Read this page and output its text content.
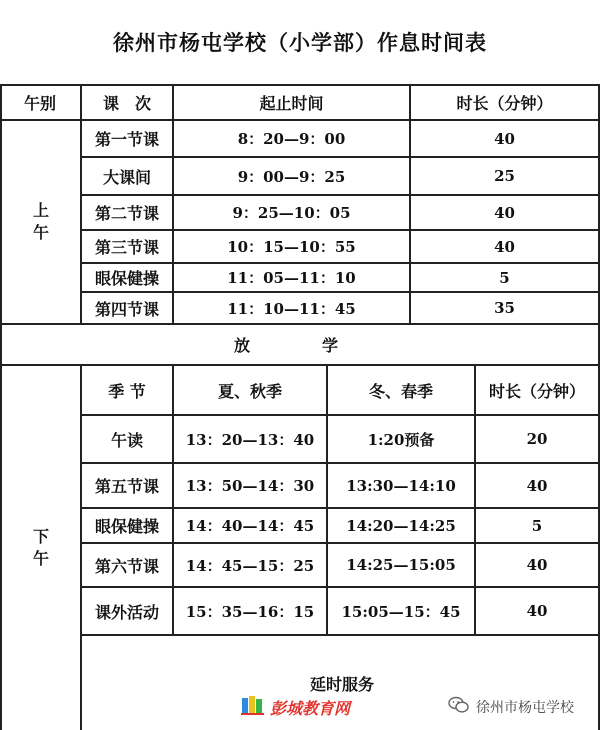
徐州市杨屯学校（小学部）作息时间表
午别	课　次	起止时间	时长（分钟）
上
午
第一节课	8：20—9：00	40
大课间	9：00—9：25	25
第二节课	9：25—10：05	40
第三节课	10：15—10：55	40
眼保健操	11：05—11：10	5
第四节课	11：10—11：45	35
放　学
下
午
季 节	夏、秋季	冬、春季	时长（分钟）
午读	13：20—13：40	1:20预备	20
第五节课	13：50—14：30	13:30—14:10	40
眼保健操	14：40—14：45	14:20—14:25	5
第六节课	14：45—15：25	14:25—15:05	40
课外活动	15：35—16：15	15:05—15：45	40
延时服务
彭城教育网	徐州市杨屯学校
